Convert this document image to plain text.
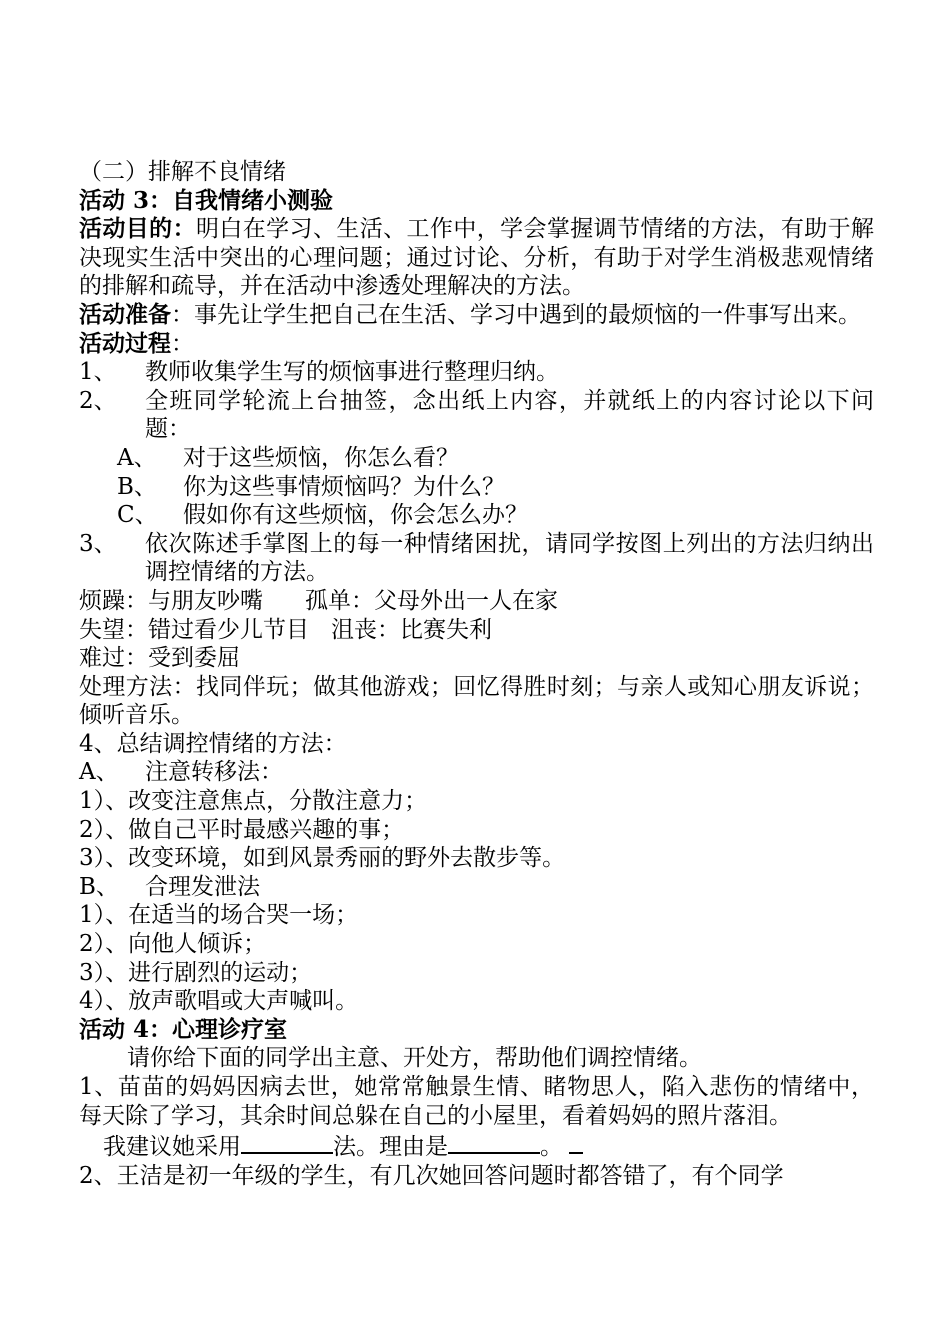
（二）排解不良情绪
活动 3：自我情绪小测验
活动目的：明白在学习、生活、工作中，学会掌握调节情绪的方法，有助于解决现实生活中突出的心理问题；通过讨论、分析，有助于对学生消极悲观情绪的排解和疏导，并在活动中渗透处理解决的方法。
活动准备：事先让学生把自己在生活、学习中遇到的最烦恼的一件事写出来。
活动过程：
1、	教师收集学生写的烦恼事进行整理归纳。
2、	全班同学轮流上台抽签，念出纸上内容，并就纸上的内容讨论以下问题：
A、	对于这些烦恼，你怎么看？
B、	你为这些事情烦恼吗？为什么？
C、	假如你有这些烦恼，你会怎么办？
3、	依次陈述手掌图上的每一种情绪困扰，请同学按图上列出的方法归纳出调控情绪的方法。
烦躁：与朋友吵嘴 孤单：父母外出一人在家
失望：错过看少儿节目 沮丧：比赛失利
难过：受到委屈
处理方法：找同伴玩；做其他游戏；回忆得胜时刻；与亲人或知心朋友诉说；倾听音乐。
4、总结调控情绪的方法：
A、	注意转移法：
1）、改变注意焦点，分散注意力；
2）、做自己平时最感兴趣的事；
3）、改变环境，如到风景秀丽的野外去散步等。
B、	合理发泄法
1）、在适当的场合哭一场；
2）、向他人倾诉；
3）、进行剧烈的运动；
4）、放声歌唱或大声喊叫。
活动 4：心理诊疗室
请你给下面的同学出主意、开处方，帮助他们调控情绪。
1、苗苗的妈妈因病去世，她常常触景生情、睹物思人，陷入悲伤的情绪中，每天除了学习，其余时间总躲在自己的小屋里，看着妈妈的照片落泪。
我建议她采用	法。理由是	。
2、王洁是初一年级的学生，有几次她回答问题时都答错了，有个同学
